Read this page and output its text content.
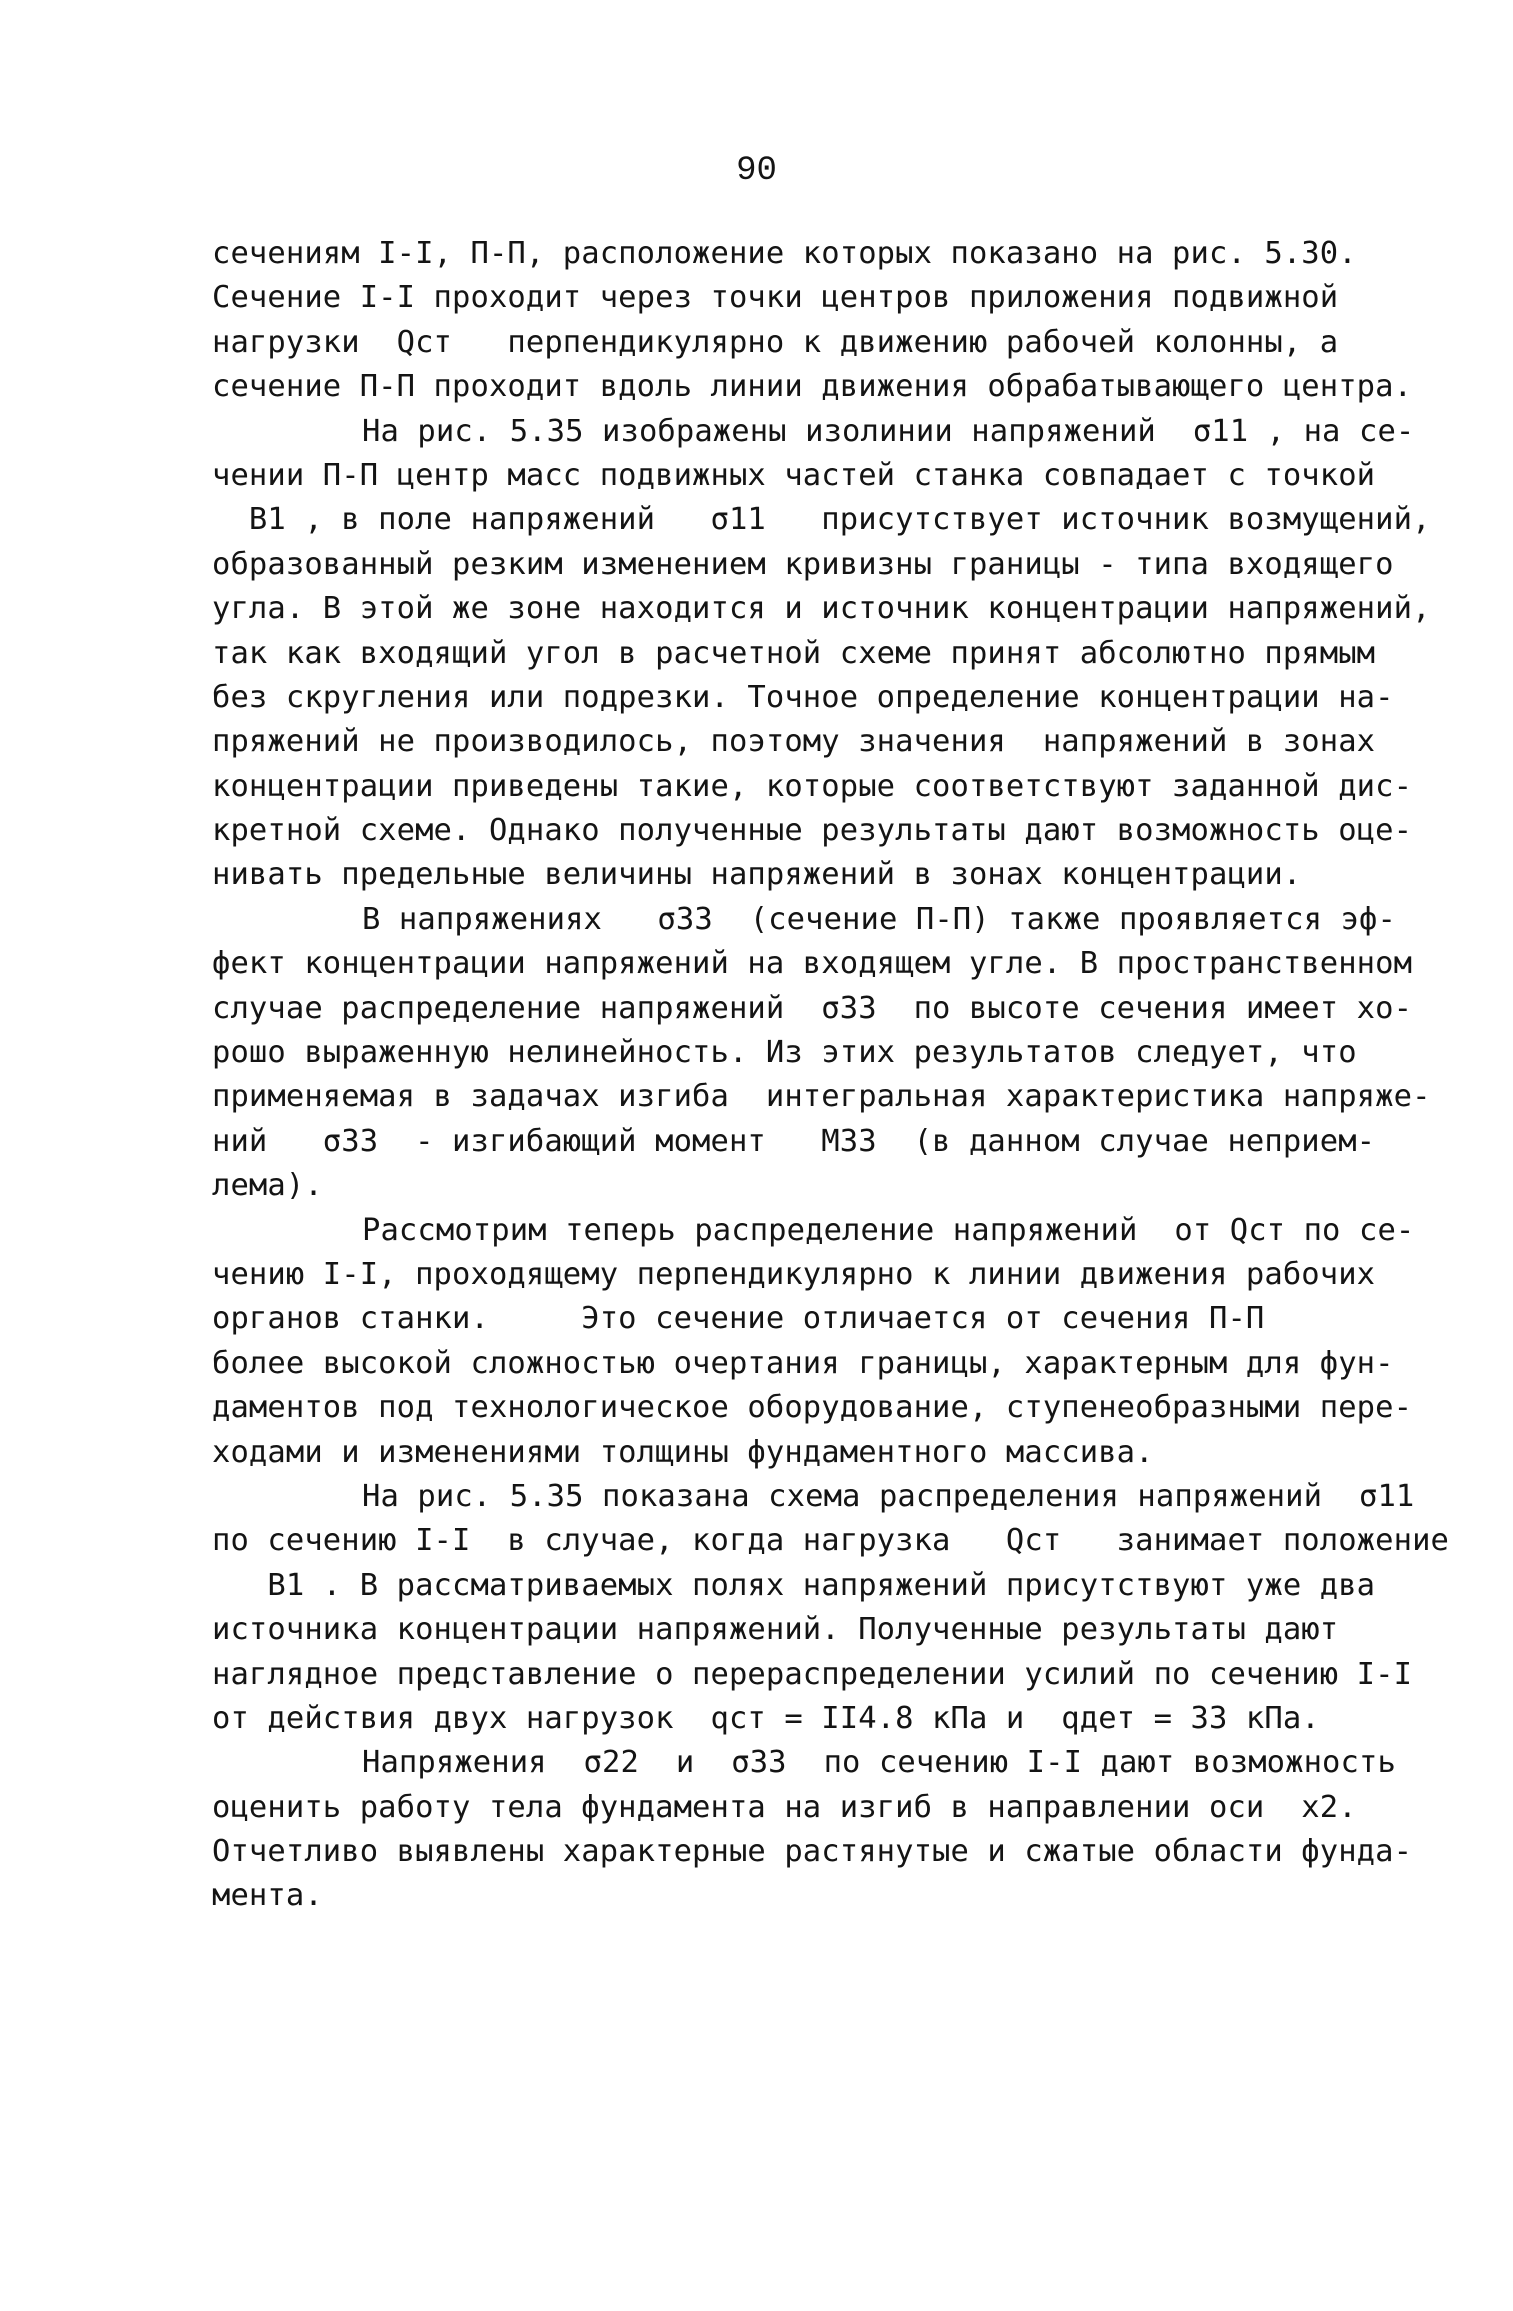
90
сечениям I-I, П-П, расположение которых показано на рис. 5.30.
Сечение I-I проходит через точки центров приложения подвижной
нагрузки  Qст   перпендикулярно к движению рабочей колонны, а
сечение П-П проходит вдоль линии движения обрабатывающего центра.
На рис. 5.35 изображены изолинии напряжений  σ11 , на се-
чении П-П центр масс подвижных частей станка совпадает с точкой
B1 , в поле напряжений   σ11   присутствует источник возмущений,
образованный резким изменением кривизны границы - типа входящего
угла. В этой же зоне находится и источник концентрации напряжений,
так как входящий угол в расчетной схеме принят абсолютно прямым
без скругления или подрезки. Точное определение концентрации на-
пряжений не производилось, поэтому значения  напряжений в зонах
концентрации приведены такие, которые соответствуют заданной дис-
кретной схеме. Однако полученные результаты дают возможность оце-
нивать предельные величины напряжений в зонах концентрации.
В напряжениях   σ33  (сечение П-П) также проявляется эф-
фект концентрации напряжений на входящем угле. В пространственном
случае распределение напряжений  σ33  по высоте сечения имеет хо-
рошо выраженную нелинейность. Из этих результатов следует, что
применяемая в задачах изгиба  интегральная характеристика напряже-
ний   σ33  - изгибающий момент   M33  (в данном случае неприем-
лема).
Рассмотрим теперь распределение напряжений  от Qст по се-
чению I-I, проходящему перпендикулярно к линии движения рабочих
органов станки.     Это сечение отличается от сечения П-П
более высокой сложностью очертания границы, характерным для фун-
даментов под технологическое оборудование, ступенеобразными пере-
ходами и изменениями толщины фундаментного массива.
На рис. 5.35 показана схема распределения напряжений  σ11
по сечению I-I  в случае, когда нагрузка   Qст   занимает положение
B1 . В рассматриваемых полях напряжений присутствуют уже два
источника концентрации напряжений. Полученные результаты дают
наглядное представление о перераспределении усилий по сечению I-I
от действия двух нагрузок  qст = II4.8 кПа и  qдет = 33 кПа.
Напряжения  σ22  и  σ33  по сечению I-I дают возможность
оценить работу тела фундамента на изгиб в направлении оси  x2.
Отчетливо выявлены характерные растянутые и сжатые области фунда-
мента.
